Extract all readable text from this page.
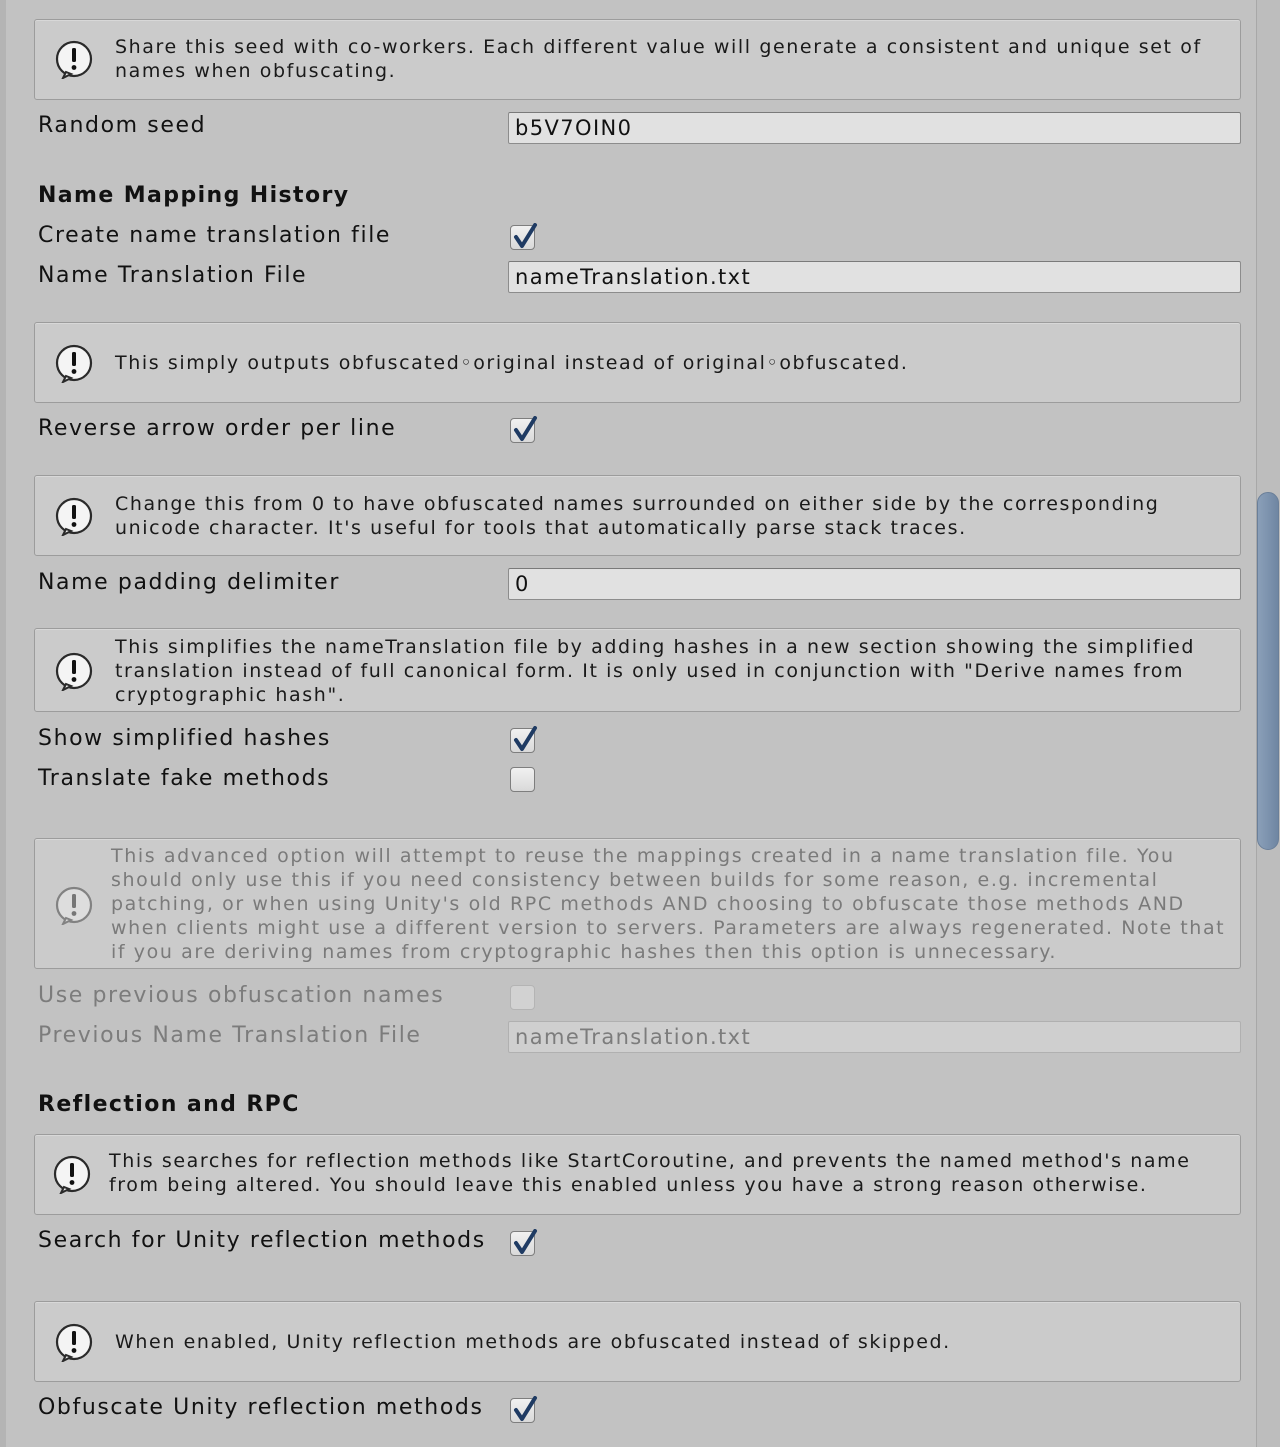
Share this seed with co-workers. Each different value will generate a consistent and unique set of names when obfuscating.
Random seed	b5V7OIN0
Name Mapping History
Create name translation file
Name Translation File	nameTranslation.txt
This simply outputs obfuscated◦original instead of original◦obfuscated.
Reverse arrow order per line
Change this from 0 to have obfuscated names surrounded on either side by the corresponding unicode character. It's useful for tools that automatically parse stack traces.
Name padding delimiter	0
This simplifies the nameTranslation file by adding hashes in a new section showing the simplified translation instead of full canonical form. It is only used in conjunction with "Derive names from cryptographic hash".
Show simplified hashes
Translate fake methods
This advanced option will attempt to reuse the mappings created in a name translation file. You should only use this if you need consistency between builds for some reason, e.g. incremental patching, or when using Unity's old RPC methods AND choosing to obfuscate those methods AND when clients might use a different version to servers. Parameters are always regenerated. Note that if you are deriving names from cryptographic hashes then this option is unnecessary.
Use previous obfuscation names
Previous Name Translation File	nameTranslation.txt
Reflection and RPC
This searches for reflection methods like StartCoroutine, and prevents the named method's name from being altered. You should leave this enabled unless you have a strong reason otherwise.
Search for Unity reflection methods
When enabled, Unity reflection methods are obfuscated instead of skipped.
Obfuscate Unity reflection methods
